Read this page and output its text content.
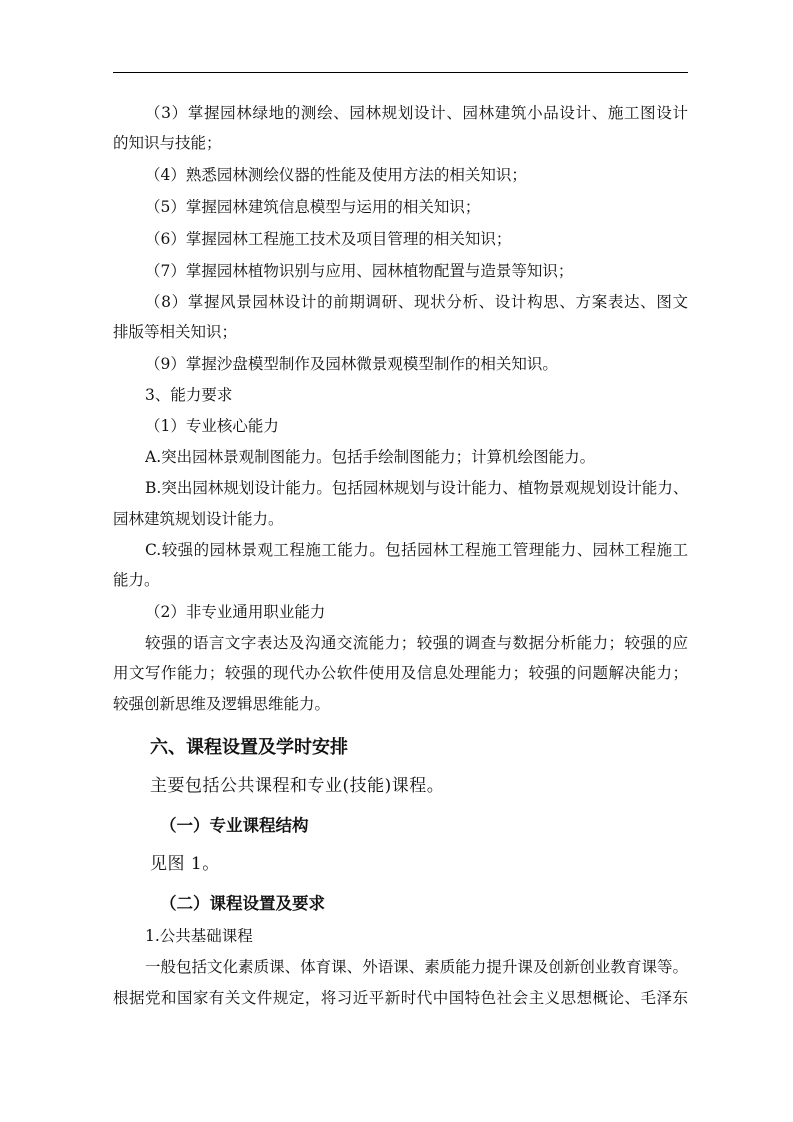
（3）掌握园林绿地的测绘、园林规划设计、园林建筑小品设计、施工图设计
的知识与技能；
（4）熟悉园林测绘仪器的性能及使用方法的相关知识；
（5）掌握园林建筑信息模型与运用的相关知识；
（6）掌握园林工程施工技术及项目管理的相关知识；
（7）掌握园林植物识别与应用、园林植物配置与造景等知识；
（8）掌握风景园林设计的前期调研、现状分析、设计构思、方案表达、图文
排版等相关知识；
（9）掌握沙盘模型制作及园林微景观模型制作的相关知识。
3、能力要求
（1）专业核心能力
A.突出园林景观制图能力。包括手绘制图能力；计算机绘图能力。
B.突出园林规划设计能力。包括园林规划与设计能力、植物景观规划设计能力、
园林建筑规划设计能力。
C.较强的园林景观工程施工能力。包括园林工程施工管理能力、园林工程施工
能力。
（2）非专业通用职业能力
较强的语言文字表达及沟通交流能力；较强的调查与数据分析能力；较强的应
用文写作能力；较强的现代办公软件使用及信息处理能力；较强的问题解决能力；
较强创新思维及逻辑思维能力。
六、课程设置及学时安排
主要包括公共课程和专业(技能)课程。
（一）专业课程结构
见图 1。
（二）课程设置及要求
1.公共基础课程
一般包括文化素质课、体育课、外语课、素质能力提升课及创新创业教育课等。
根据党和国家有关文件规定，将习近平新时代中国特色社会主义思想概论、毛泽东
